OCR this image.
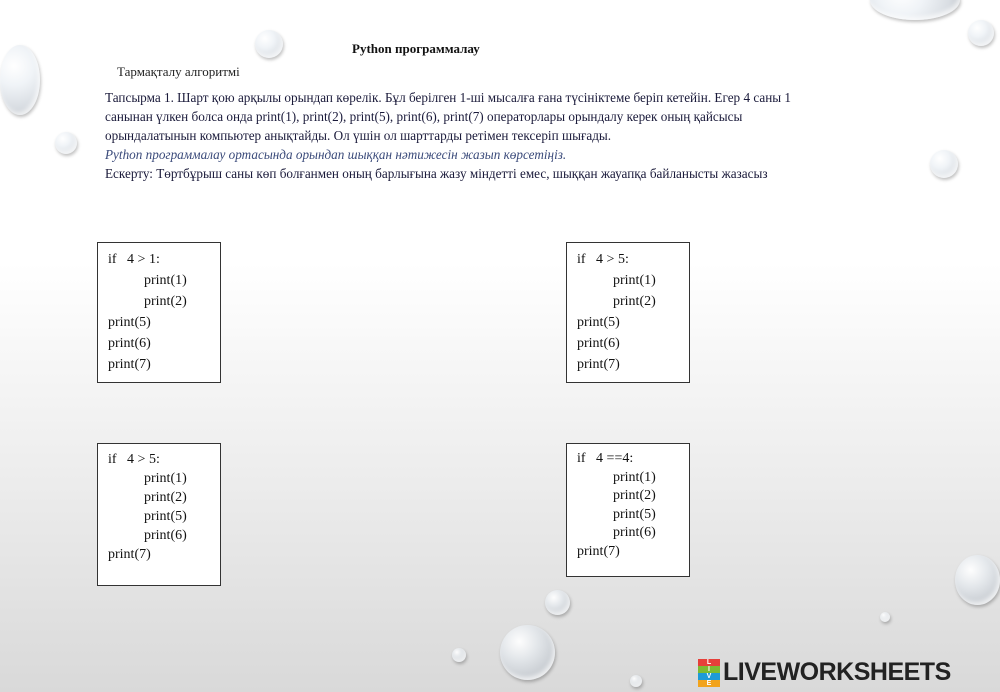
Python программалау
Тармақталу алгоритмі

Тапсырма 1. Шарт қою арқылы орындап көрелік. Бұл берілген 1-ші мысалға ғана түсініктеме беріп кетейін. Егер 4 саны 1

санынан үлкен болса онда print(1), print(2), print(5), print(6), print(7) операторлары орындалу керек оның қайсысы

орындалатынын компьютер анықтайды. Ол үшін ол шарттарды ретімен тексеріп шығады.

Python программалау ортасында орындап шыққан нәтижесін жазып көрсетіңіз.

Ескерту: Төртбұрыш саны көп болғанмен оның барлығына жазу міндетті емес, шыққан жауапқа байланысты жазасыз

if   4 > 1:
print(1)
print(2)
print(5)
print(6)
print(7)
if   4 > 5:
print(1)
print(2)
print(5)
print(6)
print(7)
if   4 > 5:
print(1)
print(2)
print(5)
print(6)
print(7)
if   4 ==4:
print(1)
print(2)
print(5)
print(6)
print(7)
L
I
V
E LIVEWORKSHEETS
